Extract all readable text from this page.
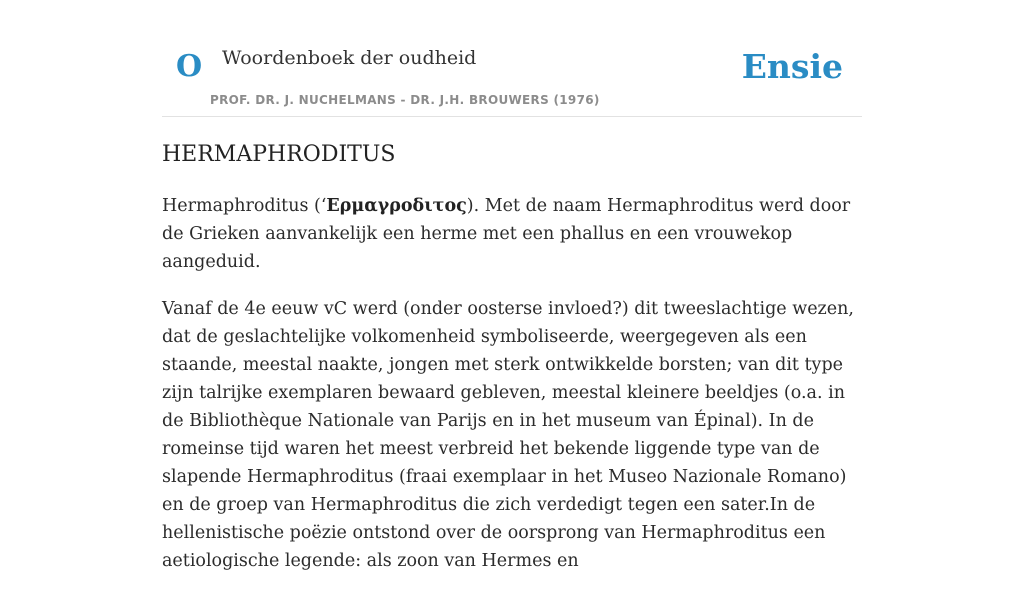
O Woordenboek der oudheid
PROF. DR. J. NUCHELMANS - DR. J.H. BROUWERS (1976)
Ensie
HERMAPHRODITUS

Hermaphroditus (ʻΕρμαγροδιτος). Met de naam Hermaphroditus werd door de Grieken aanvankelijk een herme met een phallus en een vrouwekop aangeduid.

Vanaf de 4e eeuw vC werd (onder oosterse invloed?) dit tweeslachtige wezen, dat de geslachtelijke volkomenheid symboliseerde, weergegeven als een staande, meestal naakte, jongen met sterk ontwikkelde borsten; van dit type zijn talrijke exemplaren bewaard gebleven, meestal kleinere beeldjes (o.a. in de Bibliothèque Nationale van Parijs en in het museum van Épinal). In de romeinse tijd waren het meest verbreid het bekende liggende type van de slapende Hermaphroditus (fraai exemplaar in het Museo Nazionale Romano) en de groep van Hermaphroditus die zich verdedigt tegen een sater.In de hellenistische poëzie ontstond over de oorsprong van Hermaphroditus een aetiologische legende: als zoon van Hermes en
